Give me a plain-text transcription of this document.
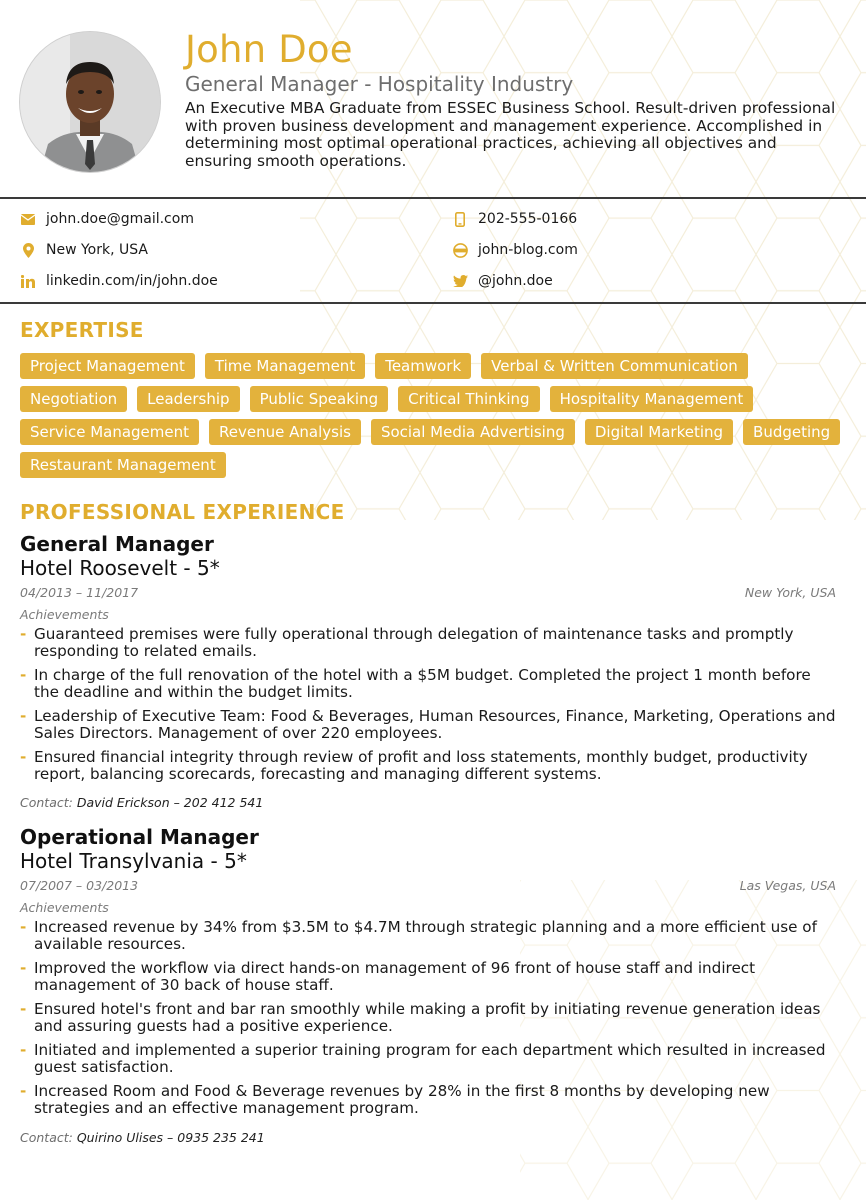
John Doe
General Manager - Hospitality Industry
An Executive MBA Graduate from ESSEC Business School. Result-driven professional with proven business development and management experience. Accomplished in determining most optimal operational practices, achieving all objectives and ensuring smooth operations.
john.doe@gmail.com
New York, USA
linkedin.com/in/john.doe
202-555-0166
john-blog.com
@john.doe
EXPERTISE
Project Management	Time Management	Teamwork	Verbal & Written Communication
Negotiation	Leadership	Public Speaking	Critical Thinking	Hospitality Management
Service Management	Revenue Analysis	Social Media Advertising	Digital Marketing	Budgeting
Restaurant Management
PROFESSIONAL EXPERIENCE
General Manager
Hotel Roosevelt - 5*
04/2013 – 11/2017	New York, USA
Achievements
- Guaranteed premises were fully operational through delegation of maintenance tasks and promptly responding to related emails.
- In charge of the full renovation of the hotel with a $5M budget. Completed the project 1 month before the deadline and within the budget limits.
- Leadership of Executive Team: Food & Beverages, Human Resources, Finance, Marketing, Operations and Sales Directors. Management of over 220 employees.
- Ensured financial integrity through review of profit and loss statements, monthly budget, productivity report, balancing scorecards, forecasting and managing different systems.
Contact: David Erickson – 202 412 541
Operational Manager
Hotel Transylvania - 5*
07/2007 – 03/2013	Las Vegas, USA
Achievements
- Increased revenue by 34% from $3.5M to $4.7M through strategic planning and a more efficient use of available resources.
- Improved the workflow via direct hands-on management of 96 front of house staff and indirect management of 30 back of house staff.
- Ensured hotel's front and bar ran smoothly while making a profit by initiating revenue generation ideas and assuring guests had a positive experience.
- Initiated and implemented a superior training program for each department which resulted in increased guest satisfaction.
- Increased Room and Food & Beverage revenues by 28% in the first 8 months by developing new strategies and an effective management program.
Contact: Quirino Ulises – 0935 235 241
